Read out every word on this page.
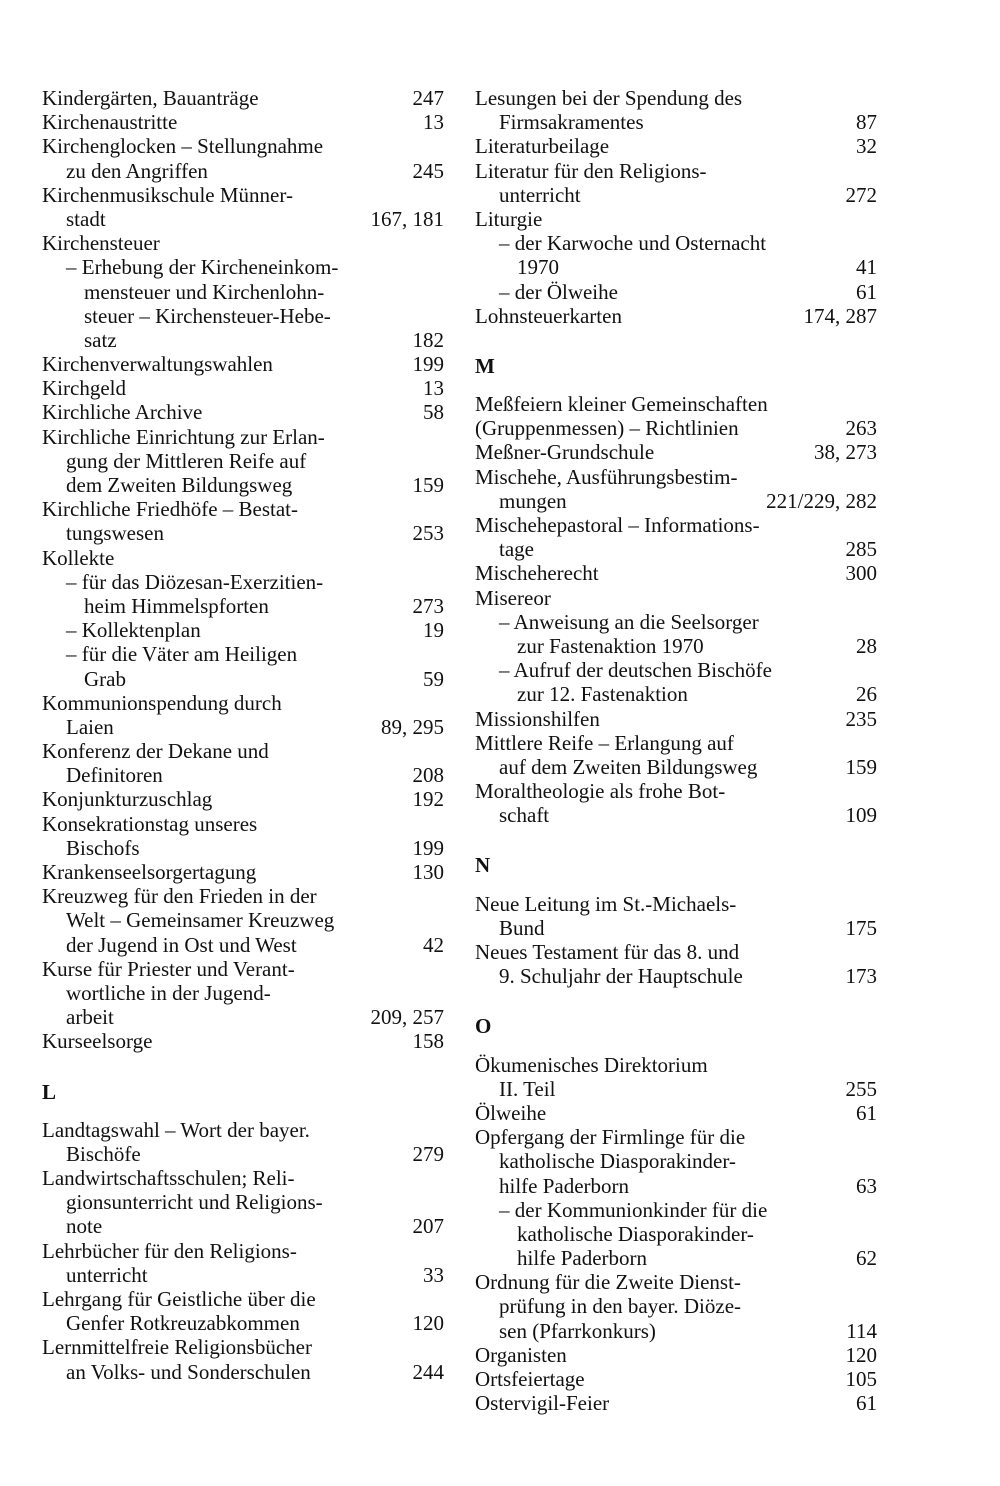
Kindergärten, Bauanträge	247
Kirchenaustritte	13
Kirchenglocken – Stellungnahme
zu den Angriffen	245
Kirchenmusikschule Münner-
stadt	167, 181
Kirchensteuer
– Erhebung der Kircheneinkom-
mensteuer und Kirchenlohn-
steuer – Kirchensteuer-Hebe-
satz	182
Kirchenverwaltungswahlen	199
Kirchgeld	13
Kirchliche Archive	58
Kirchliche Einrichtung zur Erlan-
gung der Mittleren Reife auf
dem Zweiten Bildungsweg	159
Kirchliche Friedhöfe – Bestat-
tungswesen	253
Kollekte
– für das Diözesan-Exerzitien-
heim Himmelspforten	273
– Kollektenplan	19
– für die Väter am Heiligen
Grab	59
Kommunionspendung durch
Laien	89, 295
Konferenz der Dekane und
Definitoren	208
Konjunkturzuschlag	192
Konsekrationstag unseres
Bischofs	199
Krankenseelsorgertagung	130
Kreuzweg für den Frieden in der
Welt – Gemeinsamer Kreuzweg
der Jugend in Ost und West	42
Kurse für Priester und Verant-
wortliche in der Jugend-
arbeit	209, 257
Kurseelsorge	158
L
Landtagswahl – Wort der bayer.
Bischöfe	279
Landwirtschaftsschulen; Reli-
gionsunterricht und Religions-
note	207
Lehrbücher für den Religions-
unterricht	33
Lehrgang für Geistliche über die
Genfer Rotkreuzabkommen	120
Lernmittelfreie Religionsbücher
an Volks- und Sonderschulen	244
Lesungen bei der Spendung des
Firmsakramentes	87
Literaturbeilage	32
Literatur für den Religions-
unterricht	272
Liturgie
– der Karwoche und Osternacht
1970	41
– der Ölweihe	61
Lohnsteuerkarten	174, 287
M
Meßfeiern kleiner Gemeinschaften
(Gruppenmessen) – Richtlinien	263
Meßner-Grundschule	38, 273
Mischehe, Ausführungsbestim-
mungen	221/229, 282
Mischehepastoral – Informations-
tage	285
Mischeherecht	300
Misereor
– Anweisung an die Seelsorger
zur Fastenaktion 1970	28
– Aufruf der deutschen Bischöfe
zur 12. Fastenaktion	26
Missionshilfen	235
Mittlere Reife – Erlangung auf
auf dem Zweiten Bildungsweg	159
Moraltheologie als frohe Bot-
schaft	109
N
Neue Leitung im St.-Michaels-
Bund	175
Neues Testament für das 8. und
9. Schuljahr der Hauptschule	173
O
Ökumenisches Direktorium
II. Teil	255
Ölweihe	61
Opfergang der Firmlinge für die
katholische Diasporakinder-
hilfe Paderborn	63
– der Kommunionkinder für die
katholische Diasporakinder-
hilfe Paderborn	62
Ordnung für die Zweite Dienst-
prüfung in den bayer. Diöze-
sen (Pfarrkonkurs)	114
Organisten	120
Ortsfeiertage	105
Ostervigil-Feier	61
